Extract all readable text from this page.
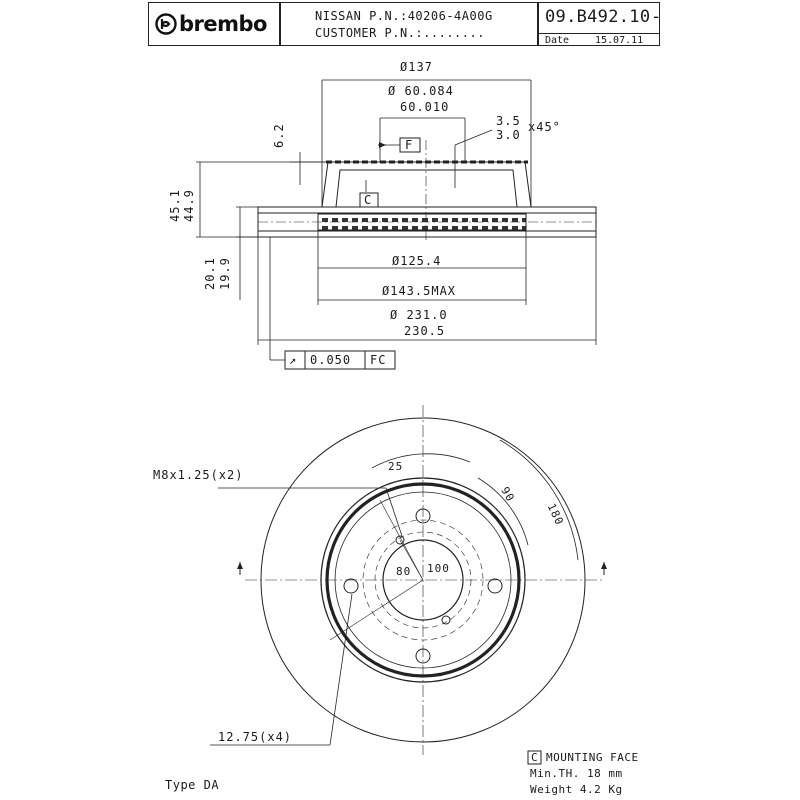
brembo	NISSAN P.N.:40206-4A00G
CUSTOMER P.N.:........
09.B492.10 -
Date	15.07.11
Ø137
Ø 60.084
60.010
3.5
3.0
x45°
6.2	F
C
45.1 44.9
20.1 19.9	Ø125.4
Ø143.5MAX
Ø 231.0
230.5
↗ 0.050 FC
M8x1.25(x2)
25
90
180
80 100
12.75(x4)
Type DA
C MOUNTING FACE
Min.TH. 18 mm
Weight 4.2 Kg
